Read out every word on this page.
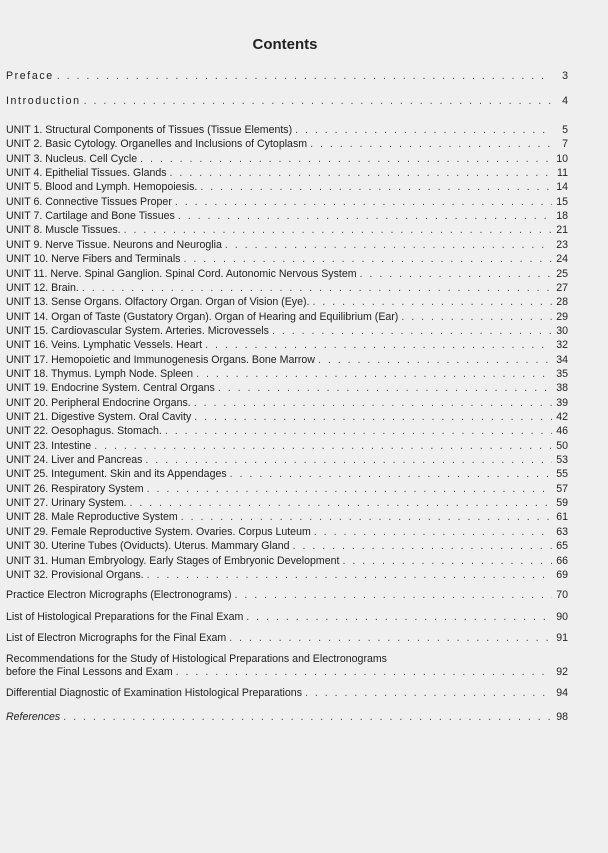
Contents
Preface . . .	3
Introduction . . .	4
UNIT 1. Structural Components of Tissues (Tissue Elements) . . .	5
UNIT 2. Basic Cytology. Organelles and Inclusions of Cytoplasm . . .	7
UNIT 3. Nucleus. Cell Cycle . . .	10
UNIT 4. Epithelial Tissues. Glands . . .	11
UNIT 5. Blood and Lymph. Hemopoiesis. . . .	14
UNIT 6. Connective Tissues Proper . . .	15
UNIT 7. Cartilage and Bone Tissues . . .	18
UNIT 8. Muscle Tissues. . . .	21
UNIT 9. Nerve Tissue. Neurons and Neuroglia . . .	23
UNIT 10. Nerve Fibers and Terminals . . .	24
UNIT 11. Nerve. Spinal Ganglion. Spinal Cord. Autonomic Nervous System . . .	25
UNIT 12. Brain. . . .	27
UNIT 13. Sense Organs. Olfactory Organ. Organ of Vision (Eye). . . .	28
UNIT 14. Organ of Taste (Gustatory Organ). Organ of Hearing and Equilibrium (Ear) . . .	29
UNIT 15. Cardiovascular System. Arteries. Microvessels . . .	30
UNIT 16. Veins. Lymphatic Vessels. Heart . . .	32
UNIT 17. Hemopoietic and Immunogenesis Organs. Bone Marrow . . .	34
UNIT 18. Thymus. Lymph Node. Spleen . . .	35
UNIT 19. Endocrine System. Central Organs . . .	38
UNIT 20. Peripheral Endocrine Organs. . . .	39
UNIT 21. Digestive System. Oral Cavity . . .	42
UNIT 22. Oesophagus. Stomach. . . .	46
UNIT 23. Intestine . . .	50
UNIT 24. Liver and Pancreas . . .	53
UNIT 25. Integument. Skin and its Appendages . . .	55
UNIT 26. Respiratory System . . .	57
UNIT 27. Urinary System. . . .	59
UNIT 28. Male Reproductive System . . .	61
UNIT 29. Female Reproductive System. Ovaries. Corpus Luteum . . .	63
UNIT 30. Uterine Tubes (Oviducts). Uterus. Mammary Gland . . .	65
UNIT 31. Human Embryology. Early Stages of Embryonic Development . . .	66
UNIT 32. Provisional Organs. . . .	69
Practice Electron Micrographs (Electronograms) . . .	70
List of Histological Preparations for the Final Exam . . .	90
List of Electron Micrographs for the Final Exam . . .	91
Recommendations for the Study of Histological Preparations and Electronograms
before the Final Lessons and Exam . . .	92
Differential Diagnostic of Examination Histological Preparations . . .	94
References . . .	98
